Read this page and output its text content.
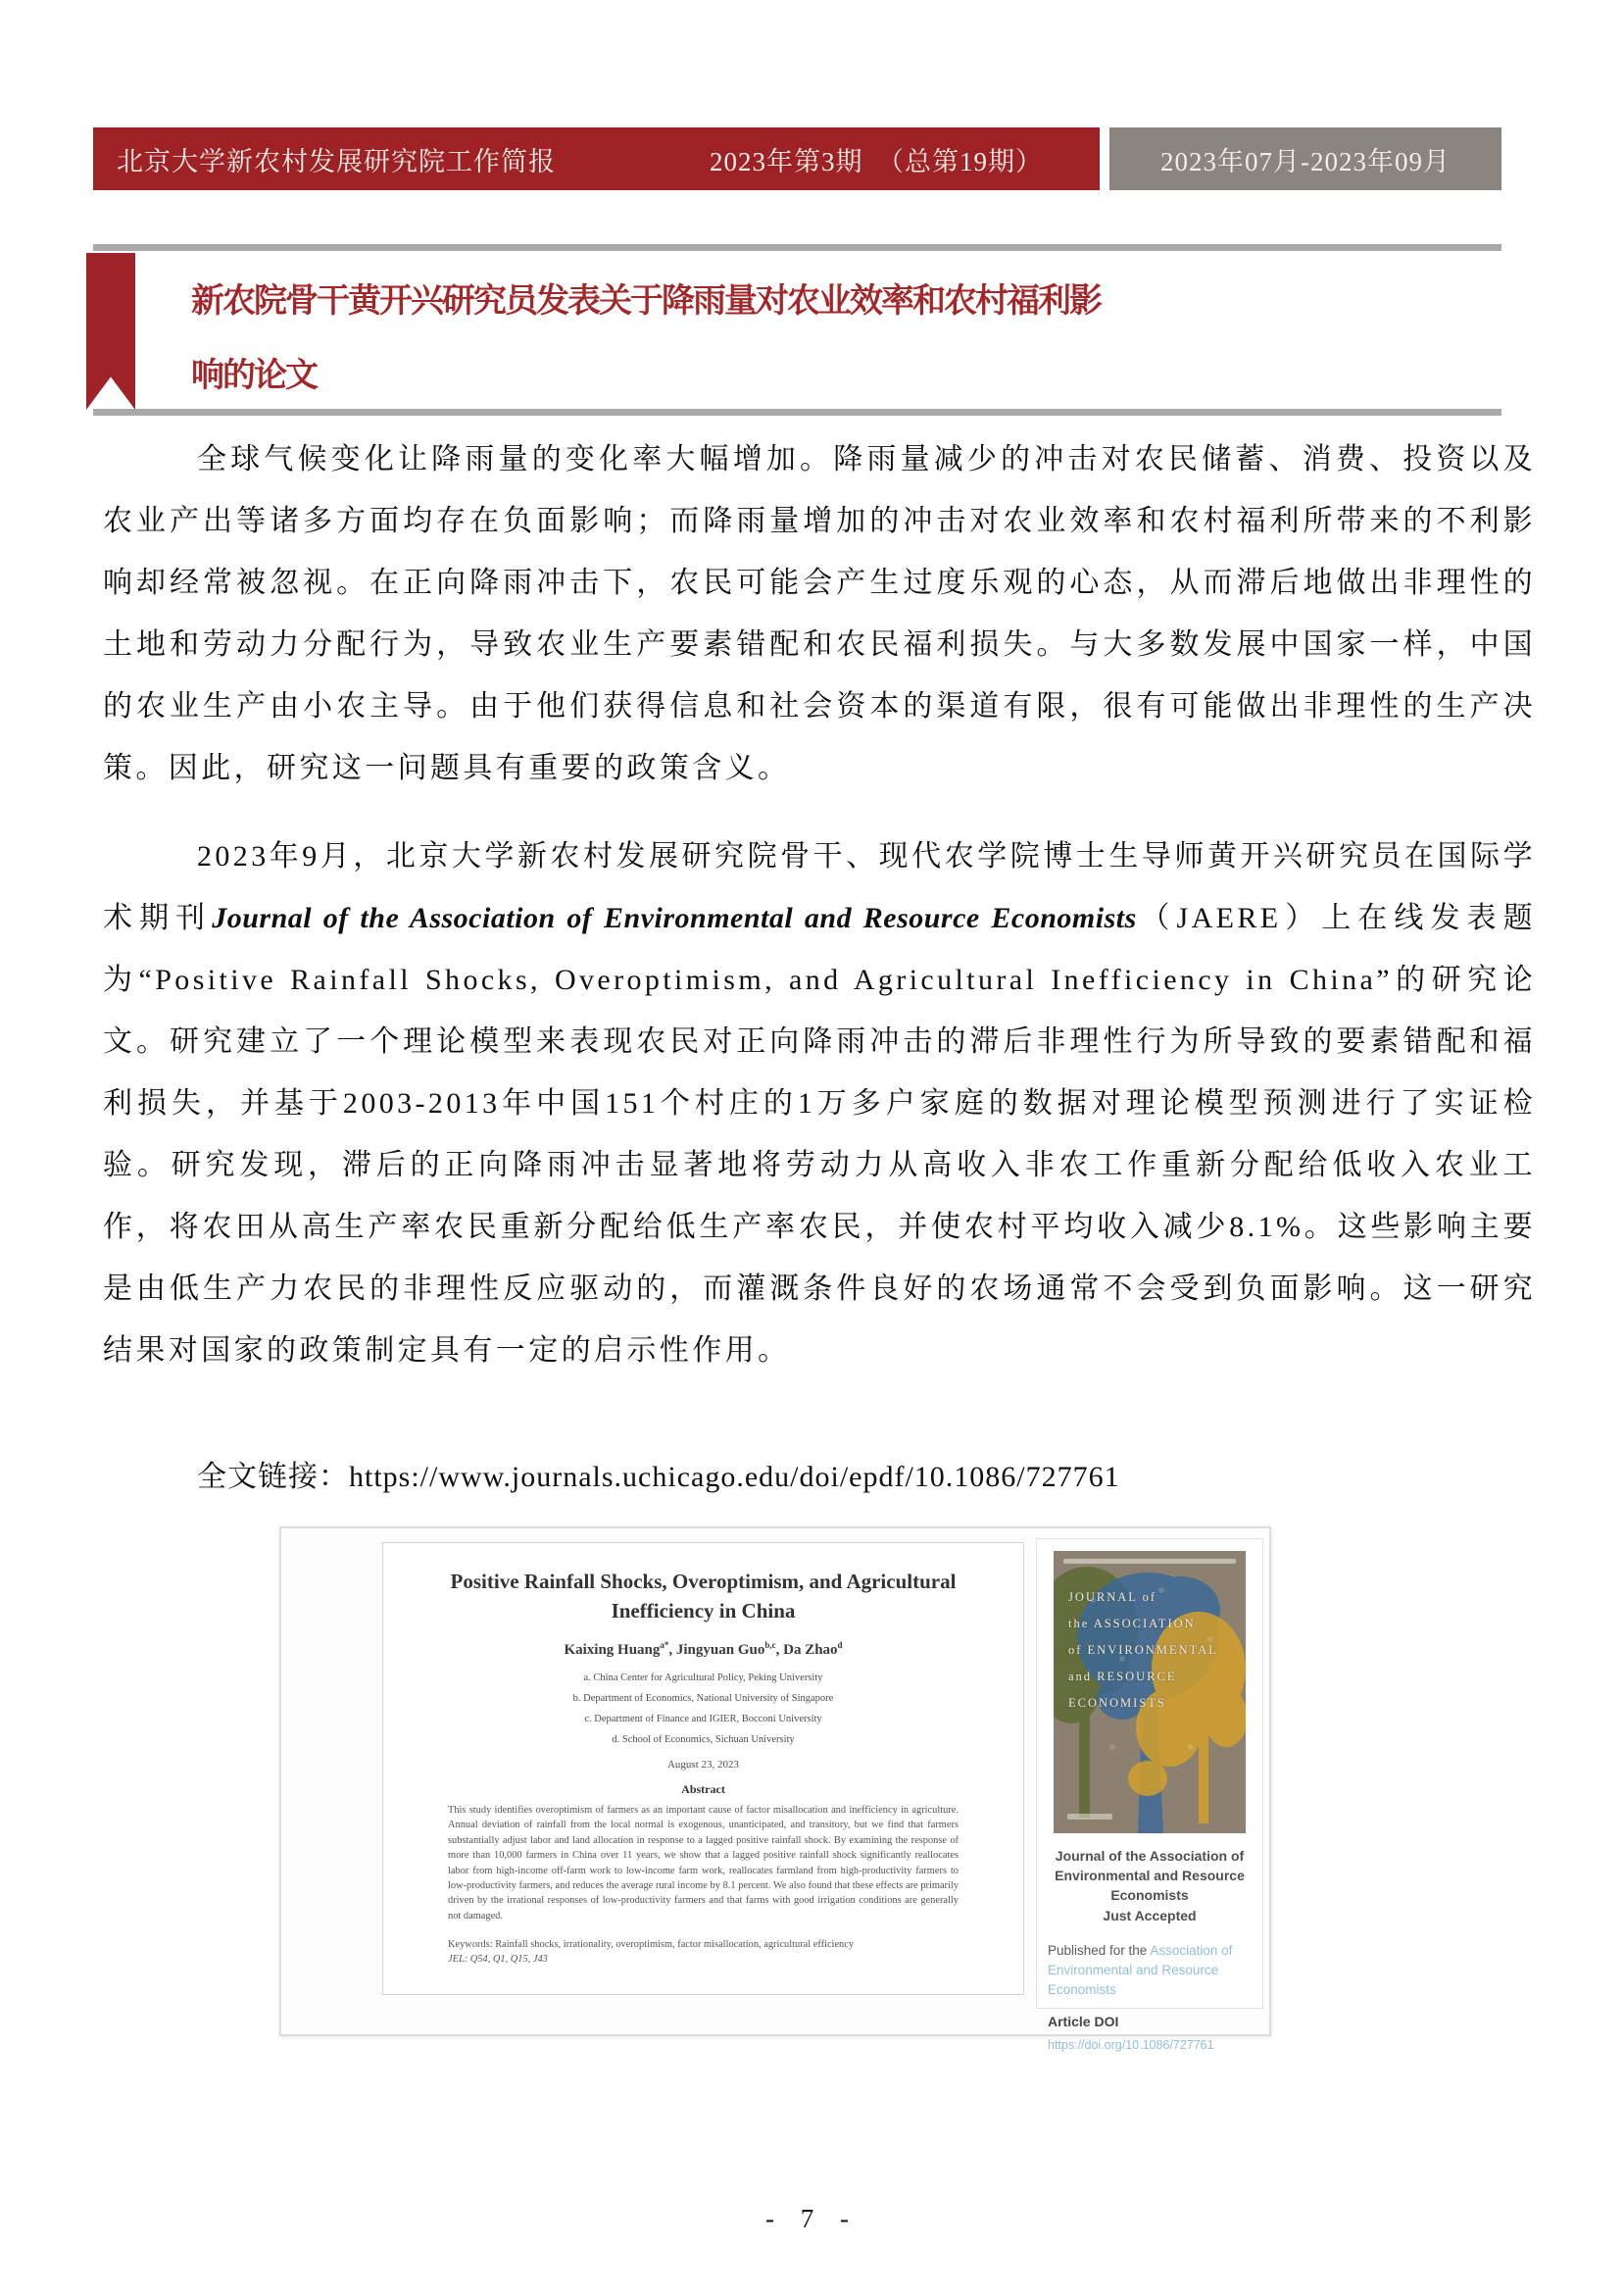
北京大学新农村发展研究院工作简报	2023年第3期　（总第19期）	2023年07月-2023年09月
新农院骨干黄开兴研究员发表关于降雨量对农业效率和农村福利影
响的论文

全球气候变化让降雨量的变化率大幅增加。降雨量减少的冲击对农民储蓄、消费、投资以及农业产出等诸多方面均存在负面影响；而降雨量增加的冲击对农业效率和农村福利所带来的不利影响却经常被忽视。在正向降雨冲击下，农民可能会产生过度乐观的心态，从而滞后地做出非理性的土地和劳动力分配行为，导致农业生产要素错配和农民福利损失。与大多数发展中国家一样，中国的农业生产由小农主导。由于他们获得信息和社会资本的渠道有限，很有可能做出非理性的生产决策。因此，研究这一问题具有重要的政策含义。

2023年9月，北京大学新农村发展研究院骨干、现代农学院博士生导师黄开兴研究员在国际学术期刊Journal of the Association of Environmental and Resource Economists（JAERE）上在线发表题为“Positive Rainfall Shocks, Overoptimism, and Agricultural Inefficiency in China”的研究论文。研究建立了一个理论模型来表现农民对正向降雨冲击的滞后非理性行为所导致的要素错配和福利损失，并基于2003-2013年中国151个村庄的1万多户家庭的数据对理论模型预测进行了实证检验。研究发现，滞后的正向降雨冲击显著地将劳动力从高收入非农工作重新分配给低收入农业工作，将农田从高生产率农民重新分配给低生产率农民，并使农村平均收入减少8.1%。这些影响主要是由低生产力农民的非理性反应驱动的，而灌溉条件良好的农场通常不会受到负面影响。这一研究结果对国家的政策制定具有一定的启示性作用。

全文链接：https://www.journals.uchicago.edu/doi/epdf/10.1086/727761

Positive Rainfall Shocks, Overoptimism, and Agricultural Inefficiency in China
Kaixing Huang$^{a*}$, Jingyuan Guo$^{b,c}$, Da Zhao$^d$
a. China Center for Agricultural Policy, Peking University
b. Department of Economics, National University of Singapore
c. Department of Finance and IGIER, Bocconi University
d. School of Economics, Sichuan University
August 23, 2023
Abstract
This study identifies overoptimism of farmers as an important cause of factor misallocation and inefficiency in agriculture. Annual deviation of rainfall from the local normal is exogenous, unanticipated, and transitory, but we find that farmers substantially adjust labor and land allocation in response to a lagged positive rainfall shock. By examining the response of more than 10,000 farmers in China over 11 years, we show that a lagged positive rainfall shock significantly reallocates labor from high-income off-farm work to low-income farm work, reallocates farmland from high-productivity farmers to low-productivity farmers, and reduces the average rural income by 8.1 percent. We also found that these effects are primarily driven by the irrational responses of low-productivity farmers and that farms with good irrigation conditions are generally not damaged.
Keywords: Rainfall shocks, irrationality, overoptimism, factor misallocation, agricultural efficiency
JEL: Q54, Q1, Q15, J43
JOURNAL of
the ASSOCIATION
of ENVIRONMENTAL
and RESOURCE
ECONOMISTS
Journal of the Association of Environmental and Resource Economists
Just Accepted
Published for the Association of Environmental and Resource Economists
Article DOI
https://doi.org/10.1086/727761
- 7 -
